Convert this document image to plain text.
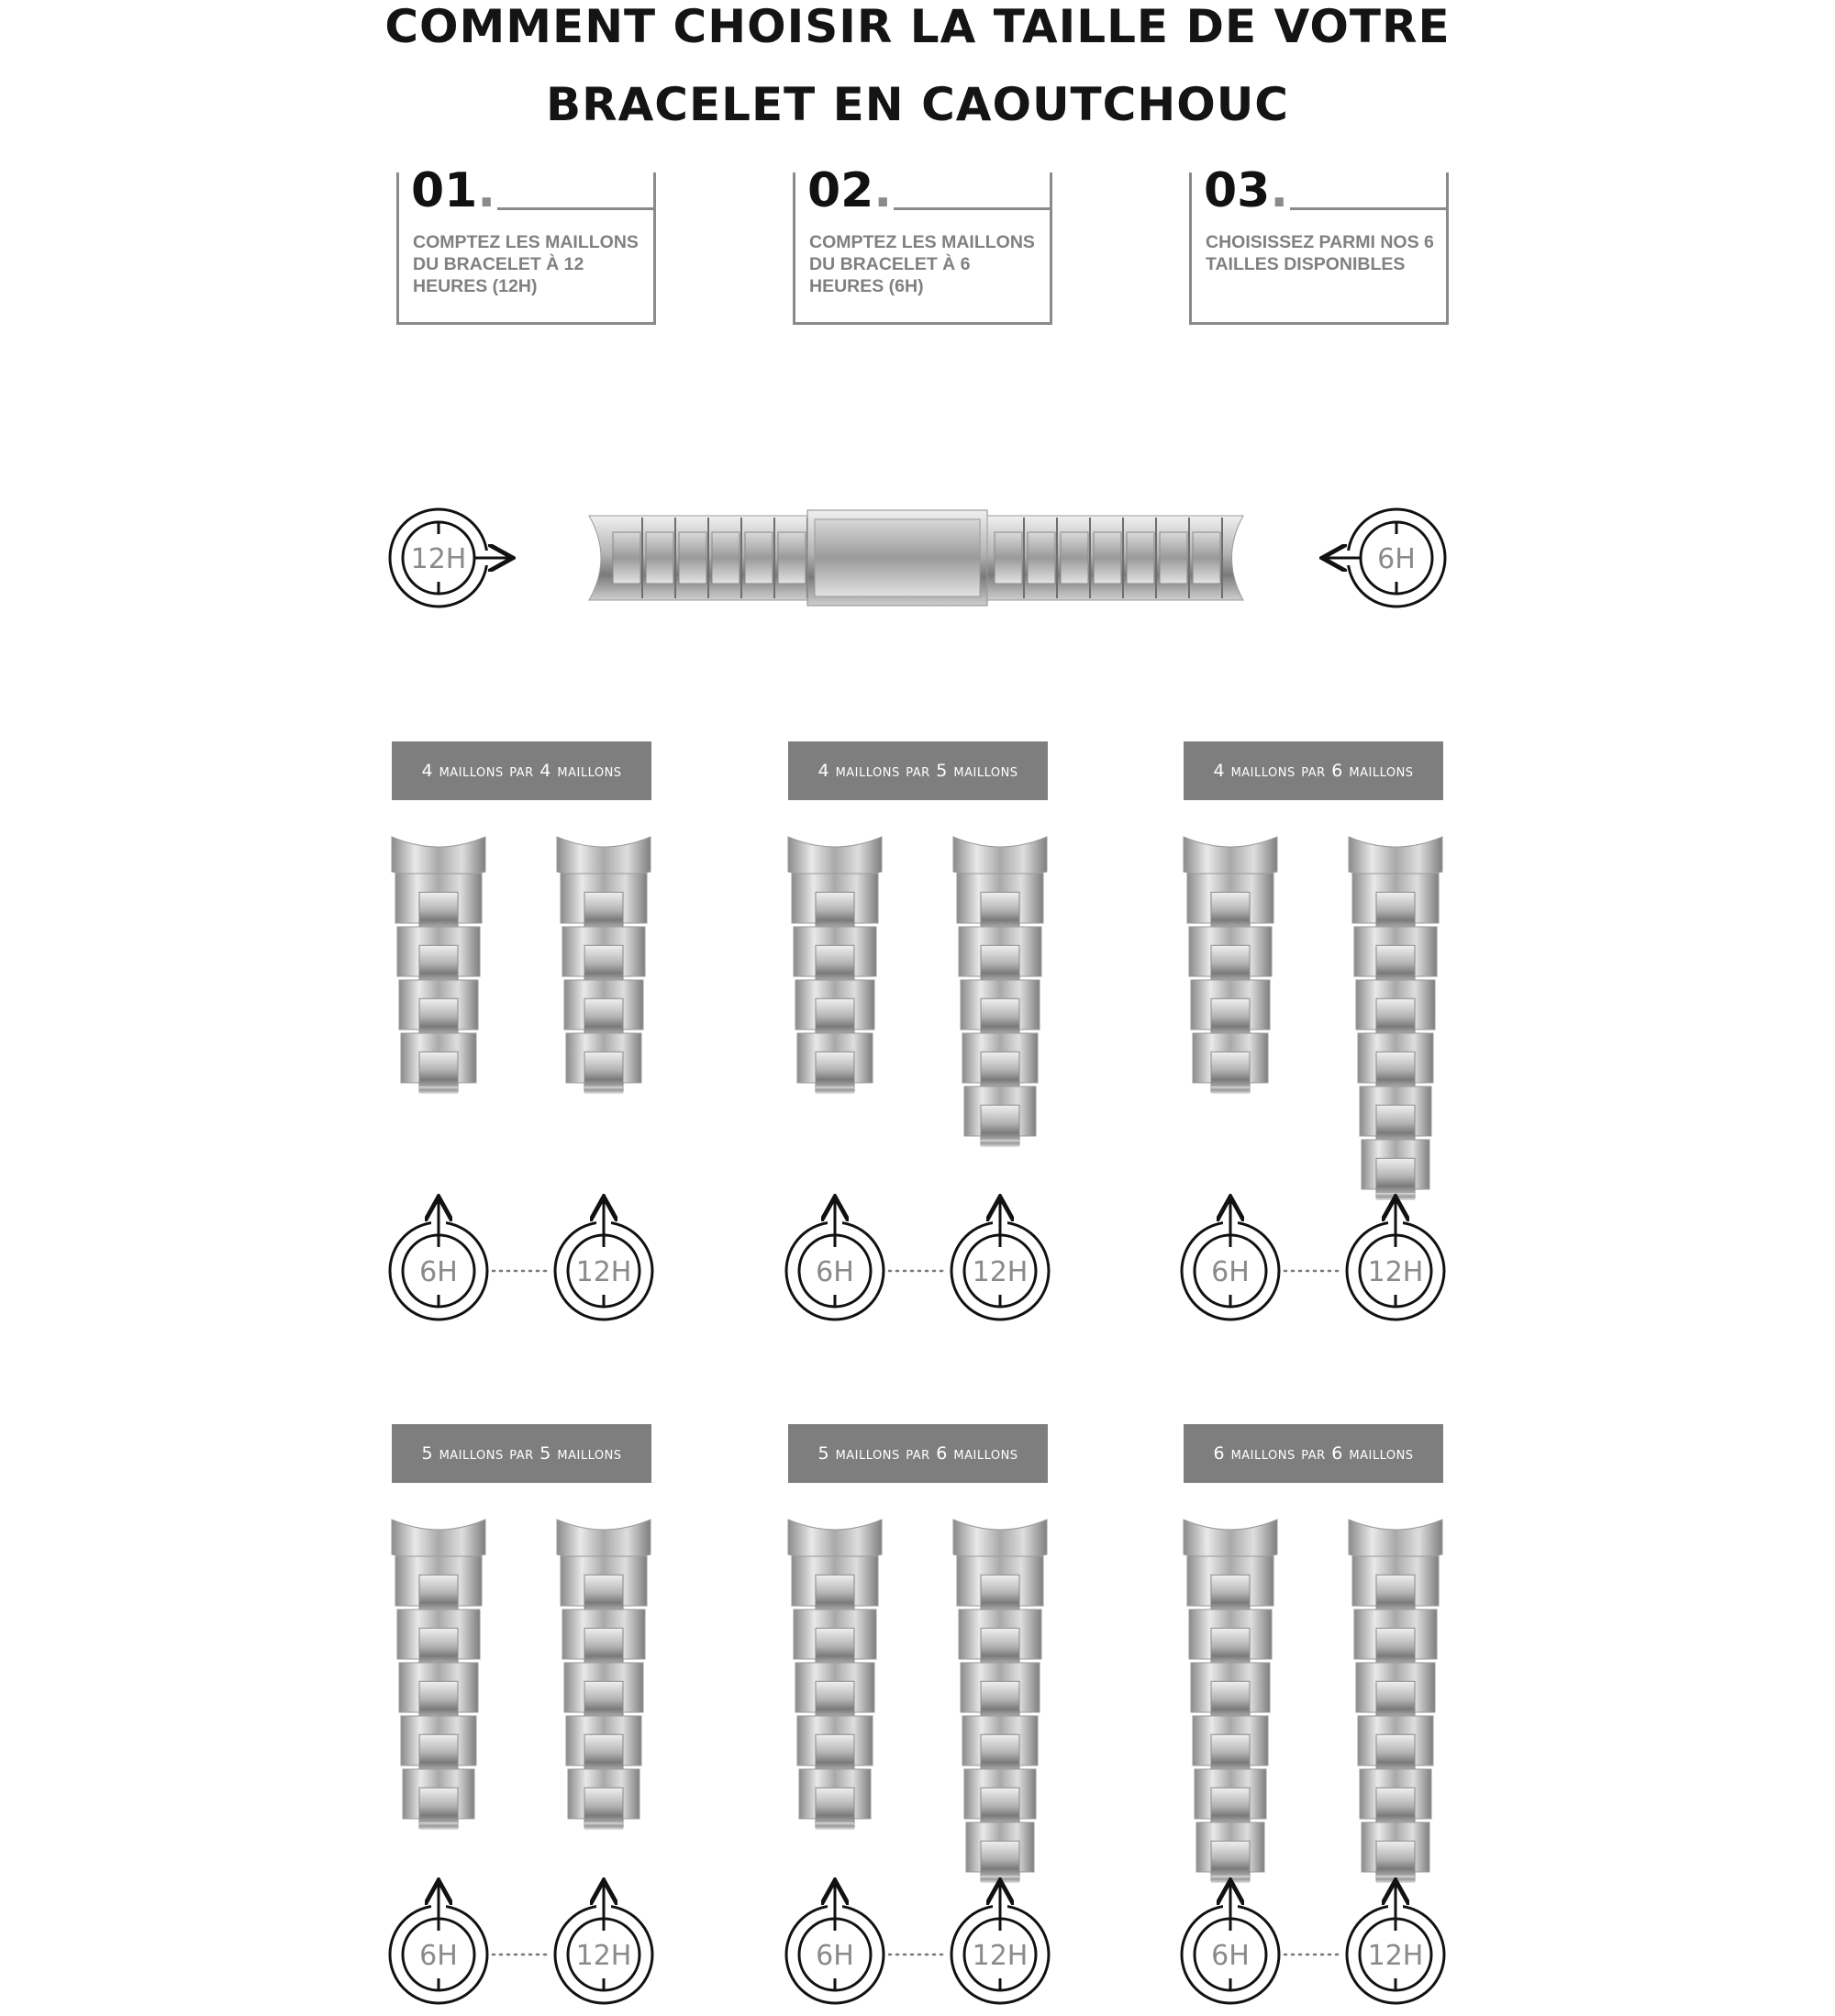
COMMENT CHOISIR LA TAILLE DE VOTRE
BRACELET EN CAOUTCHOUC
01.
COMPTEZ LES MAILLONS DU BRACELET À 12 HEURES (12H)
02.
COMPTEZ LES MAILLONS DU BRACELET À 6 HEURES (6H)
03.
CHOISISSEZ PARMI NOS 6 TAILLES DISPONIBLES
4 maillons par 4 maillons	4 maillons par 5 maillons	4 maillons par 6 maillons
5 maillons par 5 maillons	5 maillons par 6 maillons	6 maillons par 6 maillons
12H	6H
6H	12H	6H	12H	6H	12H
6H	12H	6H	12H	6H	12H
